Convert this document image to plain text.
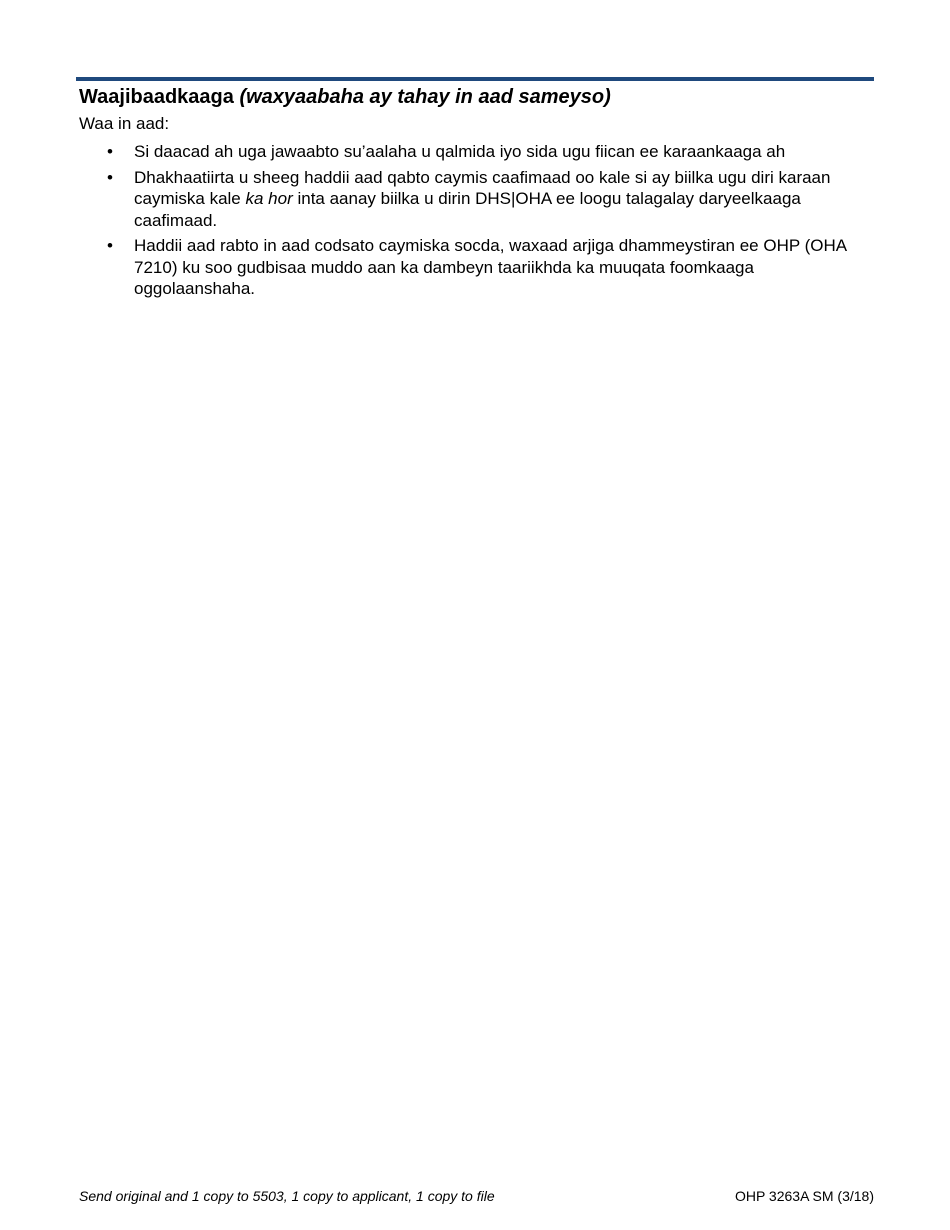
Waajibaadkaaga (waxyaabaha ay tahay in aad sameyso)

Waa in aad:

• Si daacad ah uga jawaabto su’aalaha u qalmida iyo sida ugu fiican ee karaankaaga ah
• Dhakhaatiirta u sheeg haddii aad qabto caymis caafimaad oo kale si ay biilka ugu diri karaan caymiska kale ka hor inta aanay biilka u dirin DHS|OHA ee loogu talagalay daryeelkaaga caafimaad.
• Haddii aad rabto in aad codsato caymiska socda, waxaad arjiga dhammeystiran ee OHP (OHA 7210) ku soo gudbisaa muddo aan ka dambeyn taariikhda ka muuqata foomkaaga oggolaanshaha.
Send original and 1 copy to 5503, 1 copy to applicant, 1 copy to file	OHP 3263A SM (3/18)
